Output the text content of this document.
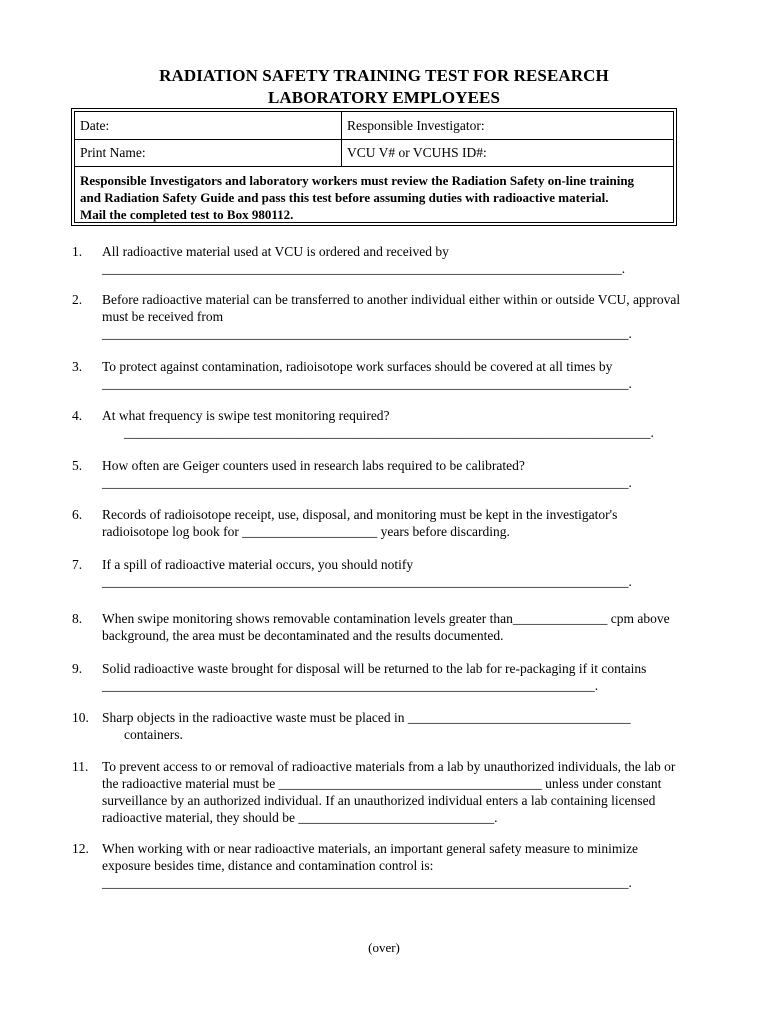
RADIATION SAFETY TRAINING TEST FOR RESEARCH
LABORATORY EMPLOYEES
Date:	Responsible Investigator:
Print Name:	VCU V# or VCUHS ID#:
Responsible Investigators and laboratory workers must review the Radiation Safety on-line training
and Radiation Safety Guide and pass this test before assuming duties with radioactive material.
Mail the completed test to Box 980112.
1. All radioactive material used at VCU is ordered and received by
_____________________________________________________________________________.
2. Before radioactive material can be transferred to another individual either within or outside VCU, approval
must be received from
______________________________________________________________________________.
3. To protect against contamination, radioisotope work surfaces should be covered at all times by
______________________________________________________________________________.
4. At what frequency is swipe test monitoring required?
______________________________________________________________________________.
5. How often are Geiger counters used in research labs required to be calibrated?
______________________________________________________________________________.
6. Records of radioisotope receipt, use, disposal, and monitoring must be kept in the investigator's
radioisotope log book for ____________________ years before discarding.
7. If a spill of radioactive material occurs, you should notify
______________________________________________________________________________.
8. When swipe monitoring shows removable contamination levels greater than______________ cpm above
background, the area must be decontaminated and the results documented.
9. Solid radioactive waste brought for disposal will be returned to the lab for re-packaging if it contains
_________________________________________________________________________.
10. Sharp objects in the radioactive waste must be placed in _________________________________
containers.
11. To prevent access to or removal of radioactive materials from a lab by unauthorized individuals, the lab or
the radioactive material must be _______________________________________ unless under constant
surveillance by an authorized individual. If an unauthorized individual enters a lab containing licensed
radioactive material, they should be _____________________________.
12. When working with or near radioactive materials, an important general safety measure to minimize
exposure besides time, distance and contamination control is:
______________________________________________________________________________.
(over)
